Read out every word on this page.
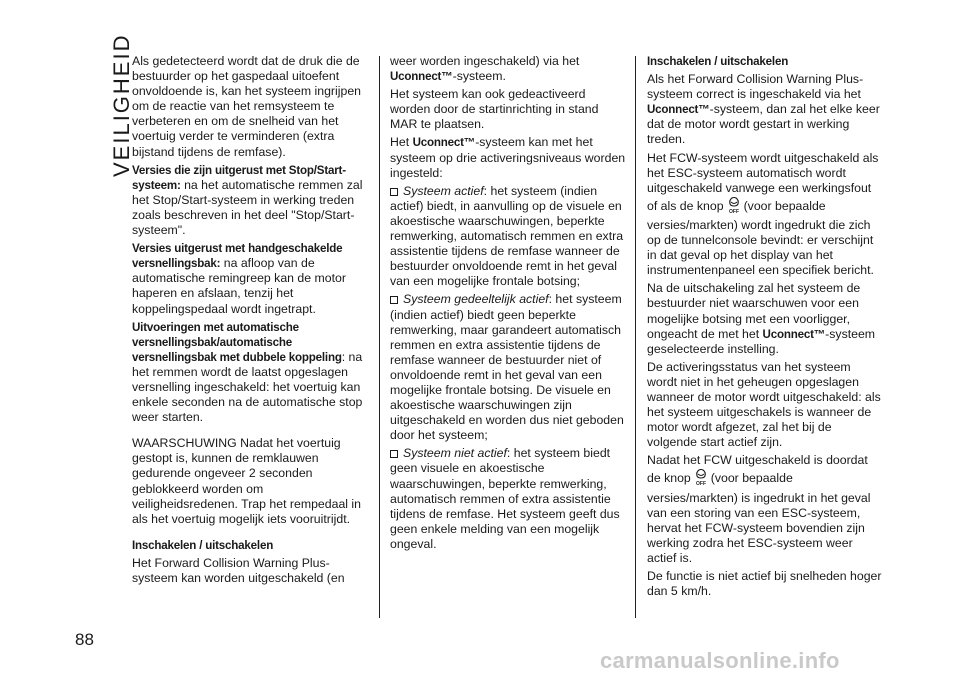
VEILIGHEID

Als gedetecteerd wordt dat de druk die de bestuurder op het gaspedaal uitoefent onvoldoende is, kan het systeem ingrijpen om de reactie van het remsysteem te verbeteren en om de snelheid van het voertuig verder te verminderen (extra bijstand tijdens de remfase).

Versies die zijn uitgerust met Stop/Start-systeem: na het automatische remmen zal het Stop/Start-systeem in werking treden zoals beschreven in het deel "Stop/Start-systeem".

Versies uitgerust met handgeschakelde versnellingsbak: na afloop van de automatische remingreep kan de motor haperen en afslaan, tenzij het koppelingspedaal wordt ingetrapt.

Uitvoeringen met automatische versnellingsbak/automatische versnellingsbak met dubbele koppeling: na het remmen wordt de laatst opgeslagen versnelling ingeschakeld: het voertuig kan enkele seconden na de automatische stop weer starten.

WAARSCHUWING Nadat het voertuig gestopt is, kunnen de remklauwen gedurende ongeveer 2 seconden geblokkeerd worden om veiligheidsredenen. Trap het rempedaal in als het voertuig mogelijk iets vooruitrijdt.

Inschakelen / uitschakelen

Het Forward Collision Warning Plus-systeem kan worden uitgeschakeld (en

weer worden ingeschakeld) via het Uconnect™-systeem.

Het systeem kan ook gedeactiveerd worden door de startinrichting in stand MAR te plaatsen.

Het Uconnect™-systeem kan met het systeem op drie activeringsniveaus worden ingesteld:

Systeem actief: het systeem (indien actief) biedt, in aanvulling op de visuele en akoestische waarschuwingen, beperkte remwerking, automatisch remmen en extra assistentie tijdens de remfase wanneer de bestuurder onvoldoende remt in het geval van een mogelijke frontale botsing;

Systeem gedeeltelijk actief: het systeem (indien actief) biedt geen beperkte remwerking, maar garandeert automatisch remmen en extra assistentie tijdens de remfase wanneer de bestuurder niet of onvoldoende remt in het geval van een mogelijke frontale botsing. De visuele en akoestische waarschuwingen zijn uitgeschakeld en worden dus niet geboden door het systeem;

Systeem niet actief: het systeem biedt geen visuele en akoestische waarschuwingen, beperkte remwerking, automatisch remmen of extra assistentie tijdens de remfase. Het systeem geeft dus geen enkele melding van een mogelijk ongeval.

Inschakelen / uitschakelen

Als het Forward Collision Warning Plus-systeem correct is ingeschakeld via het Uconnect™-systeem, dan zal het elke keer dat de motor wordt gestart in werking treden.

Het FCW-systeem wordt uitgeschakeld als het ESC-systeem automatisch wordt uitgeschakeld vanwege een werkingsfout of als de knop OFF (voor bepaalde versies/markten) wordt ingedrukt die zich op de tunnelconsole bevindt: er verschijnt in dat geval op het display van het instrumentenpaneel een specifiek bericht.

Na de uitschakeling zal het systeem de bestuurder niet waarschuwen voor een mogelijke botsing met een voorligger, ongeacht de met het Uconnect™-systeem geselecteerde instelling.

De activeringsstatus van het systeem wordt niet in het geheugen opgeslagen wanneer de motor wordt uitgeschakeld: als het systeem uitgeschakels is wanneer de motor wordt afgezet, zal het bij de volgende start actief zijn.

Nadat het FCW uitgeschakeld is doordat de knop OFF (voor bepaalde versies/markten) is ingedrukt in het geval van een storing van een ESC-systeem, hervat het FCW-systeem bovendien zijn werking zodra het ESC-systeem weer actief is.

De functie is niet actief bij snelheden hoger dan 5 km/h.

88
carmanualsonline.info
